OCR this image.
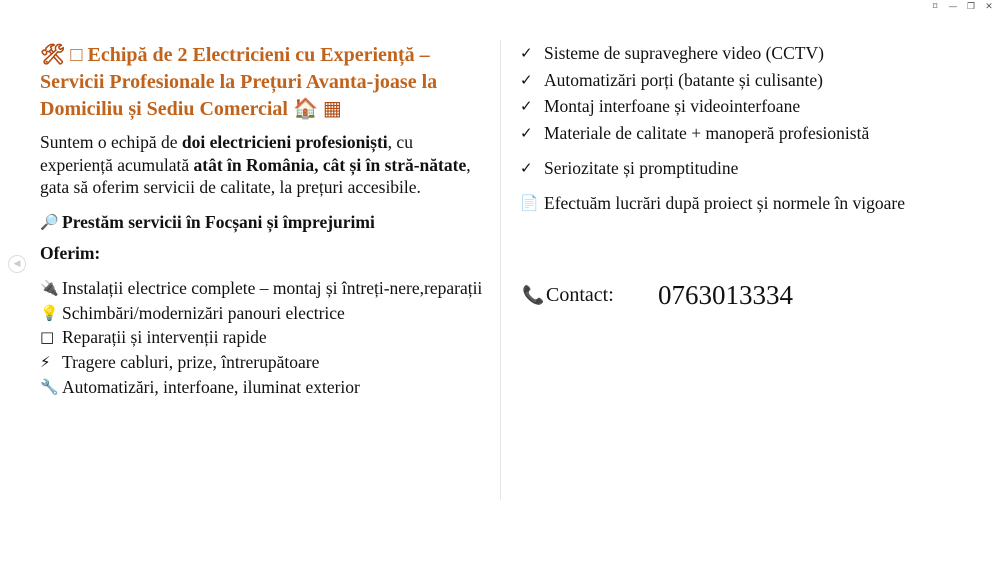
⌑ — ❐ ✕
◀
🛠 □ Echipă de 2 Electricieni cu Experiență – Servicii Profesionale la Prețuri Avanta-joase la Domiciliu și Sediu Comercial 🏠 ▦
Suntem o echipă de doi electricieni profesioniști, cu experiență acumulată atât în România, cât și în stră-nătate, gata să oferim servicii de calitate, la prețuri accesibile.
🔎 Prestăm servicii în Focșani și împrejurimi
Oferim:
🔌 Instalații electrice complete – montaj și întreți-nere,reparații
💡 Schimbări/modernizări panouri electrice
□ Reparații și intervenții rapide
⚡ Tragere cabluri, prize, întrerupătoare
🔧 Automatizări, interfoane, iluminat exterior
✓ Sisteme de supraveghere video (CCTV)
✓ Automatizări porți (batante și culisante)
✓ Montaj interfoane și videointerfoane
✓ Materiale de calitate + manoperă profesionistă
✓ Seriozitate și promptitudine
📄 Efectuăm lucrări după proiect și normele în vigoare
📞 Contact:	0763013334
